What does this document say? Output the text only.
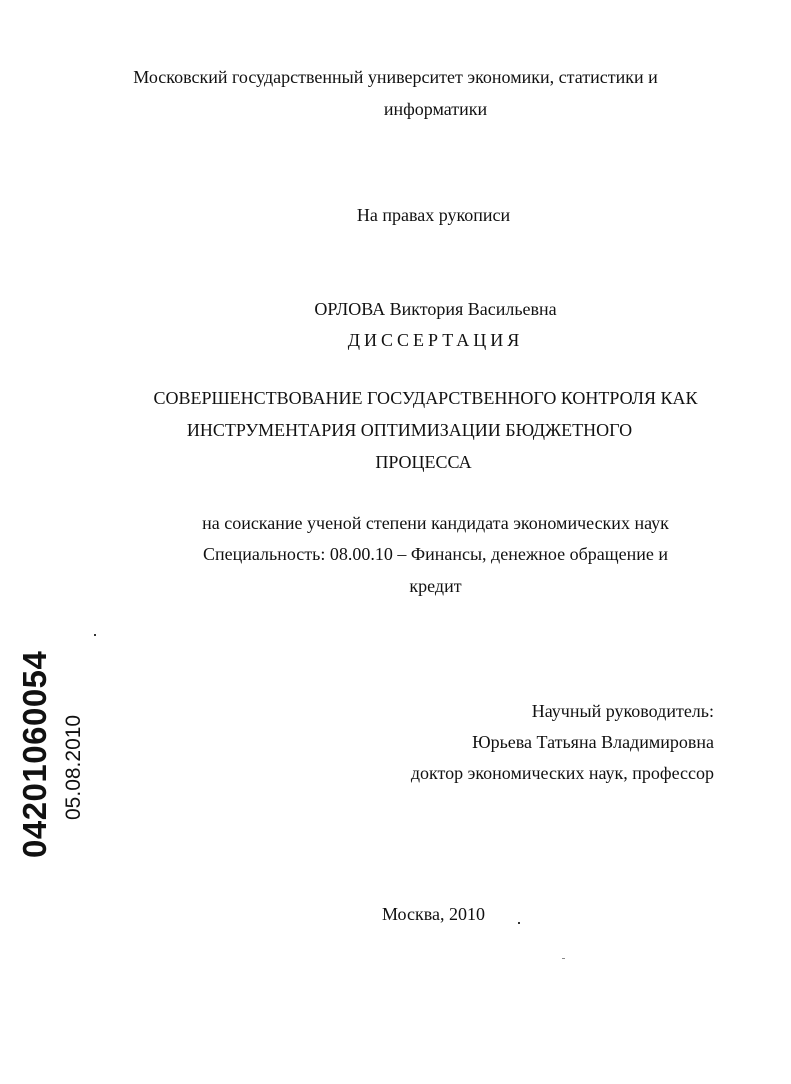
Московский государственный университет экономики, статистики и
информатики
На правах рукописи
ОРЛОВА Виктория Васильевна
ДИССЕРТАЦИЯ
СОВЕРШЕНСТВОВАНИЕ ГОСУДАРСТВЕННОГО КОНТРОЛЯ КАК
ИНСТРУМЕНТАРИЯ ОПТИМИЗАЦИИ БЮДЖЕТНОГО
ПРОЦЕССА
на соискание ученой степени кандидата экономических наук
Специальность: 08.00.10 – Финансы, денежное обращение и
кредит
Научный руководитель:
Юрьева Татьяна Владимировна
доктор экономических наук, профессор
Москва, 2010
04201060054 05.08.2010
